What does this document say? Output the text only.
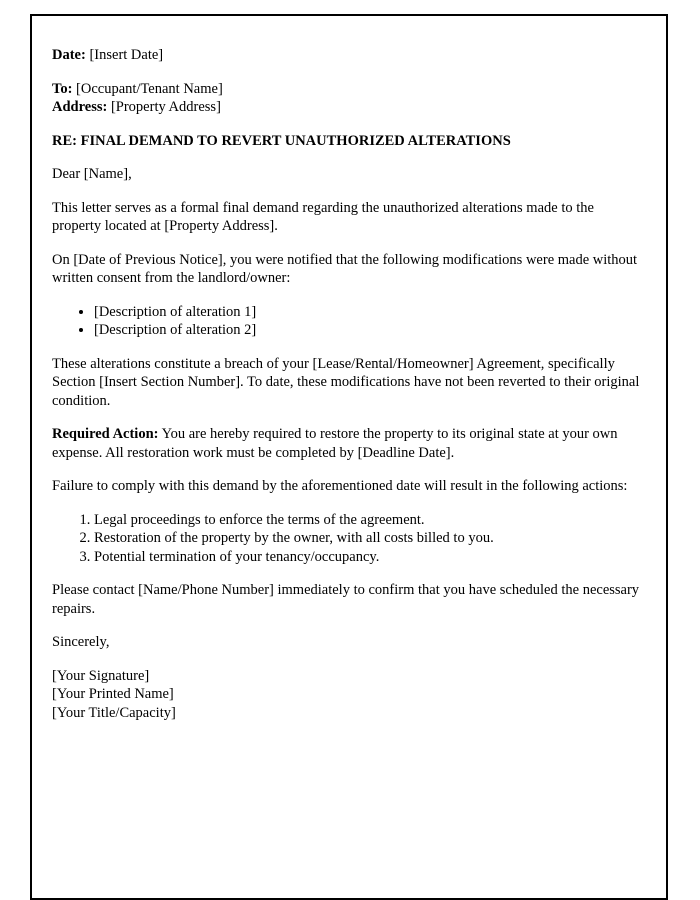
Date: [Insert Date]

To: [Occupant/Tenant Name]

Address: [Property Address]

RE: FINAL DEMAND TO REVERT UNAUTHORIZED ALTERATIONS

Dear [Name],

This letter serves as a formal final demand regarding the unauthorized alterations made to the property located at [Property Address].

On [Date of Previous Notice], you were notified that the following modifications were made without written consent from the landlord/owner:

• [Description of alteration 1]
• [Description of alteration 2]

These alterations constitute a breach of your [Lease/Rental/Homeowner] Agreement, specifically Section [Insert Section Number]. To date, these modifications have not been reverted to their original condition.

Required Action: You are hereby required to restore the property to its original state at your own expense. All restoration work must be completed by [Deadline Date].

Failure to comply with this demand by the aforementioned date will result in the following actions:

1. Legal proceedings to enforce the terms of the agreement.
2. Restoration of the property by the owner, with all costs billed to you.
3. Potential termination of your tenancy/occupancy.

Please contact [Name/Phone Number] immediately to confirm that you have scheduled the necessary repairs.

Sincerely,

[Your Signature]

[Your Printed Name]

[Your Title/Capacity]
